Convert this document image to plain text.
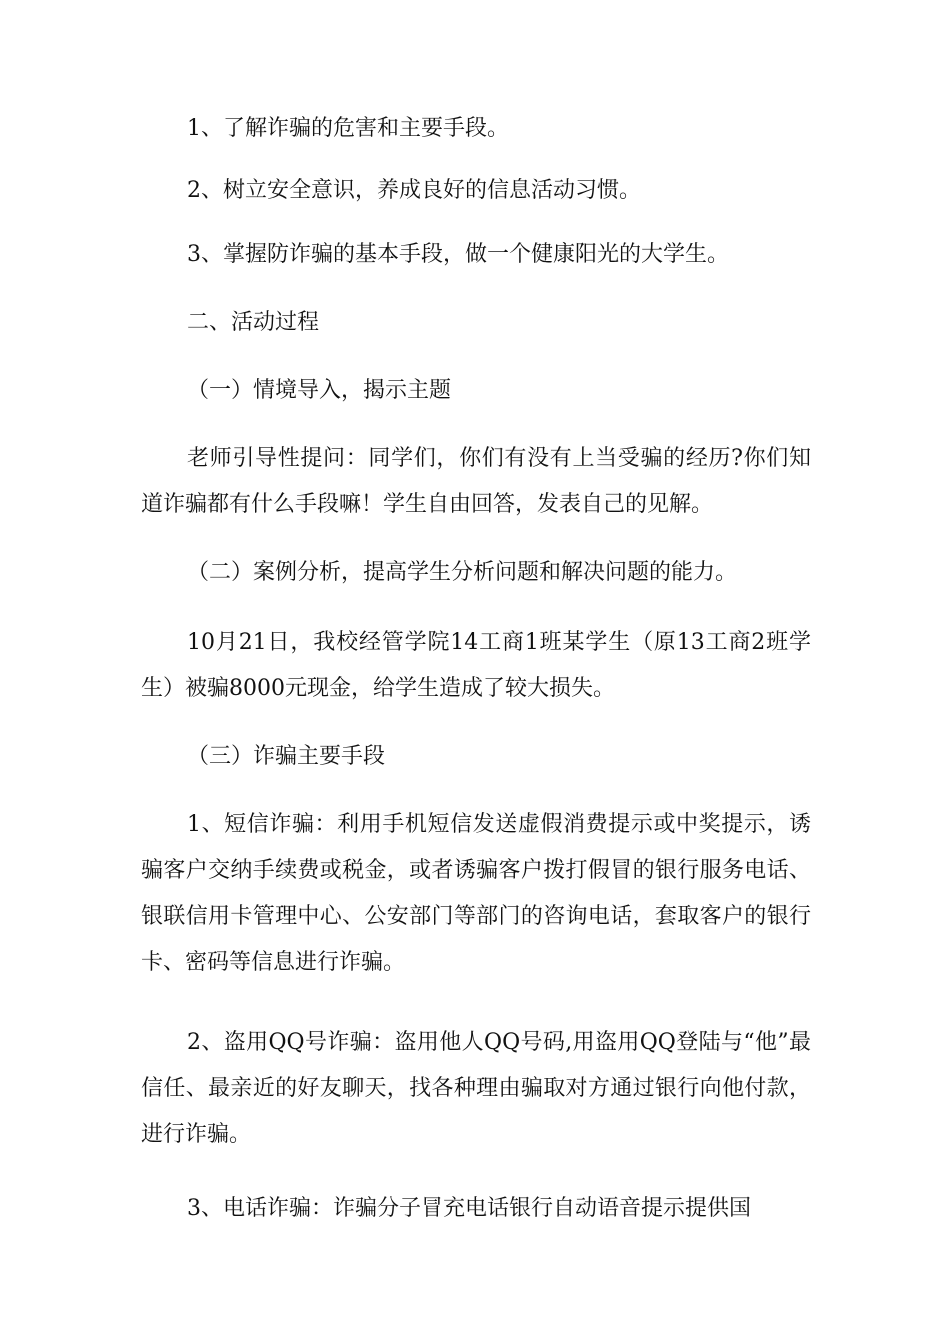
1、了解诈骗的危害和主要手段。

2、树立安全意识，养成良好的信息活动习惯。

3、掌握防诈骗的基本手段，做一个健康阳光的大学生。

二、活动过程

（一）情境导入，揭示主题

老师引导性提问：同学们，你们有没有上当受骗的经历?你们知道诈骗都有什么手段嘛！学生自由回答，发表自己的见解。

（二）案例分析，提高学生分析问题和解决问题的能力。

10月21日，我校经管学院14工商1班某学生（原13工商2班学生）被骗8000元现金，给学生造成了较大损失。

（三）诈骗主要手段

1、短信诈骗：利用手机短信发送虚假消费提示或中奖提示，诱骗客户交纳手续费或税金，或者诱骗客户拨打假冒的银行服务电话、银联信用卡管理中心、公安部门等部门的咨询电话，套取客户的银行卡、密码等信息进行诈骗。

2、盗用QQ号诈骗：盗用他人QQ号码,用盗用QQ登陆与“他”最信任、最亲近的好友聊天，找各种理由骗取对方通过银行向他付款，进行诈骗。

3、电话诈骗：诈骗分子冒充电话银行自动语音提示提供国
